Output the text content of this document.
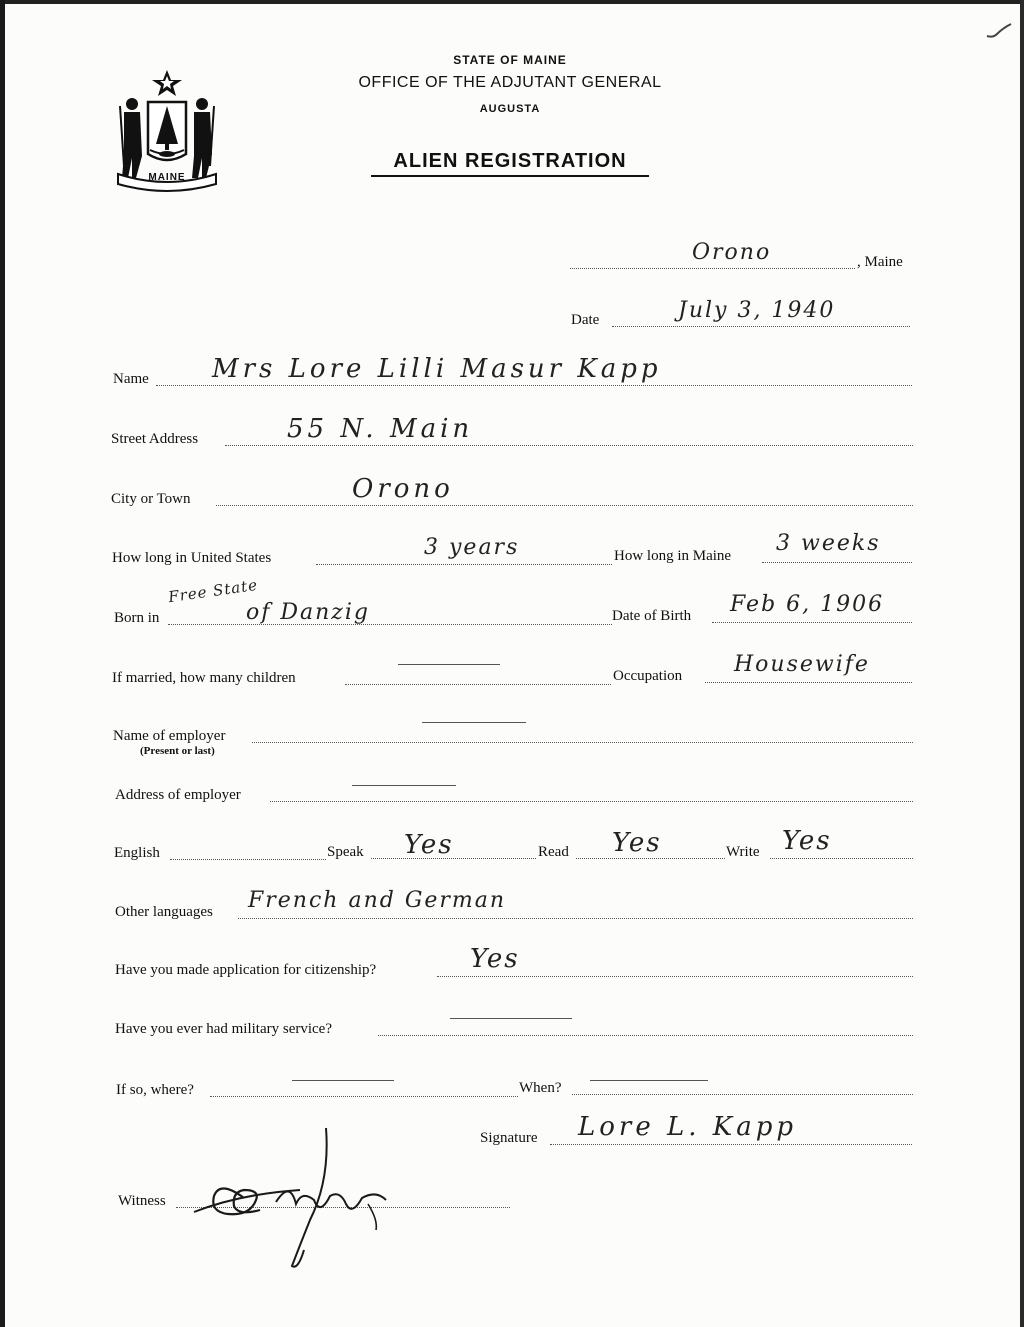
MAINE
STATE OF MAINE
OFFICE OF THE ADJUTANT GENERAL
AUGUSTA
ALIEN REGISTRATION
Orono	, Maine
Date	July 3, 1940
Name Mrs Lore Lilli Masur Kapp
Street Address	55 N. Main
City or Town	Orono
How long in United States	3 years	How long in Maine 3 weeks
Born in
Free State
of Danzig	Date of Birth Feb 6, 1906
If married, how many children	Occupation Housewife
Name of employer
(Present or last)
Address of employer
English	Speak Yes	Read Yes	Write Yes
Other languages French and German
Have you made application for citizenship?	Yes
Have you ever had military service?
If so, where?	When?
Signature Lore L. Kapp
Witness
